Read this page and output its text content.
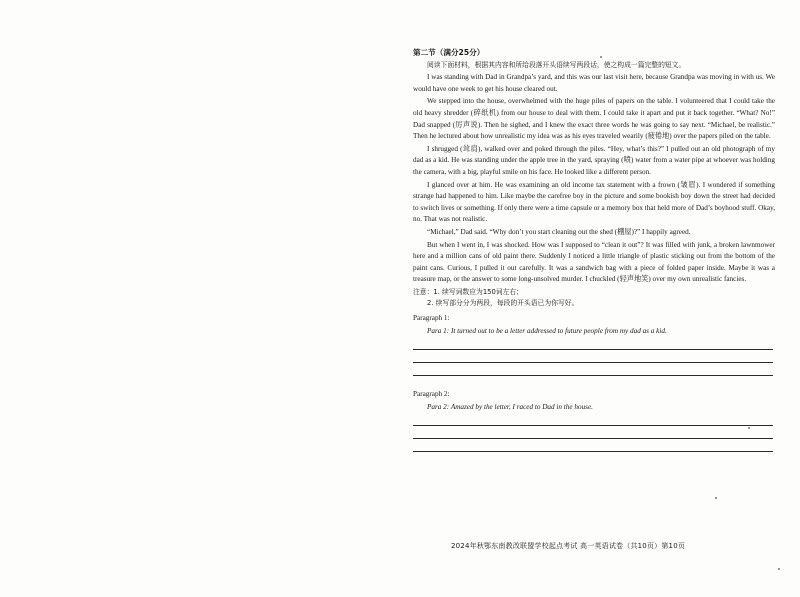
第二节（满分25分）
阅读下面材料，根据其内容和所给段落开头语续写两段话，使之构成一篇完整的短文。

I was standing with Dad in Grandpa’s yard, and this was our last visit here, because Grandpa was moving in with us. We would have one week to get his house cleared out.

We stepped into the house, overwhelmed with the huge piles of papers on the table. I volunteered that I could take the old heavy shredder (碎纸机) from our house to deal with them. I could take it apart and put it back together. “What? No!” Dad snapped (厉声说). Then he sighed, and I knew the exact three words he was going to say next. “Michael, be realistic.” Then he lectured about how unrealistic my idea was as his eyes traveled wearily (疲倦地) over the papers piled on the table.

I shrugged (耸肩), walked over and poked through the piles. “Hey, what’s this?” I pulled out an old photograph of my dad as a kid. He was standing under the apple tree in the yard, spraying (喷) water from a water pipe at whoever was holding the camera, with a big, playful smile on his face. He looked like a different person.

I glanced over at him. He was examining an old income tax statement with a frown (皱眉). I wondered if something strange had happened to him. Like maybe the carefree boy in the picture and some bookish boy down the street had decided to switch lives or something. If only there were a time capsule or a memory box that held more of Dad’s boyhood stuff. Okay, no. That was not realistic.

“Michael,” Dad said. “Why don’t you start cleaning out the shed (棚屋)?” I happily agreed.

But when I went in, I was shocked. How was I supposed to “clean it out”? It was filled with junk, a broken lawnmower here and a million cans of old paint there. Suddenly I noticed a little triangle of plastic sticking out from the bottom of the paint cans. Curious, I pulled it out carefully. It was a sandwich bag with a piece of folded paper inside. Maybe it was a treasure map, or the answer to some long-unsolved murder. I chuckled (轻声地笑) over my own unrealistic fancies.

注意：1. 续写词数应为150词左右；
2. 续写部分分为两段，每段的开头语已为你写好。
Paragraph 1:
Para 1: It turned out to be a letter addressed to future people from my dad as a kid.
Paragraph 2:
Para 2: Amazed by the letter, I raced to Dad in the house.
2024年秋鄂东南教改联盟学校起点考试 高一英语试卷（共10页）第10页
